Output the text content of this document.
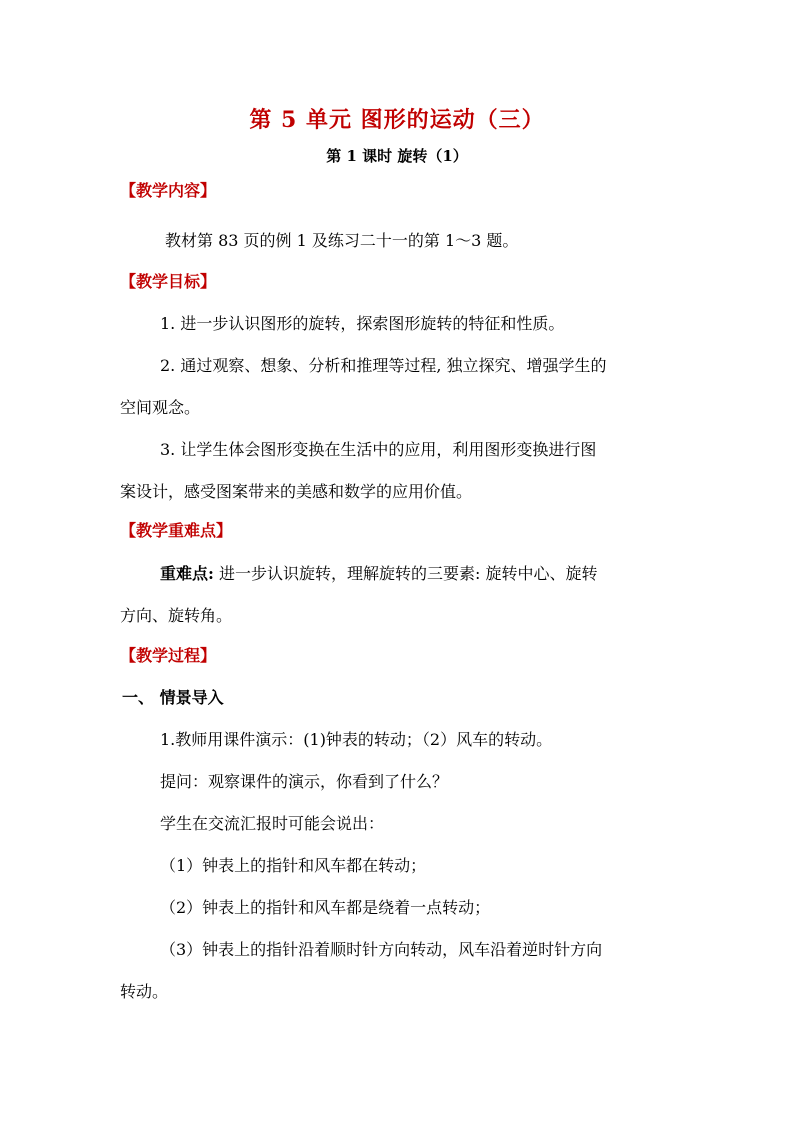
第 5 单元 图形的运动（三）
第 1 课时 旋转（1）
【教学内容】
教材第 83 页的例 1 及练习二十一的第 1～3 题。
【教学目标】
1. 进一步认识图形的旋转，探索图形旋转的特征和性质。
2. 通过观察、想象、分析和推理等过程, 独立探究、增强学生的
空间观念。
3. 让学生体会图形变换在生活中的应用，利用图形变换进行图
案设计，感受图案带来的美感和数学的应用价值。
【教学重难点】
重难点: 进一步认识旋转，理解旋转的三要素: 旋转中心、旋转
方向、旋转角。
【教学过程】
一、 情景导入
1.教师用课件演示：(1)钟表的转动；（2）风车的转动。
提问：观察课件的演示，你看到了什么？
学生在交流汇报时可能会说出：
（1）钟表上的指针和风车都在转动；
（2）钟表上的指针和风车都是绕着一点转动；
（3）钟表上的指针沿着顺时针方向转动，风车沿着逆时针方向
转动。
